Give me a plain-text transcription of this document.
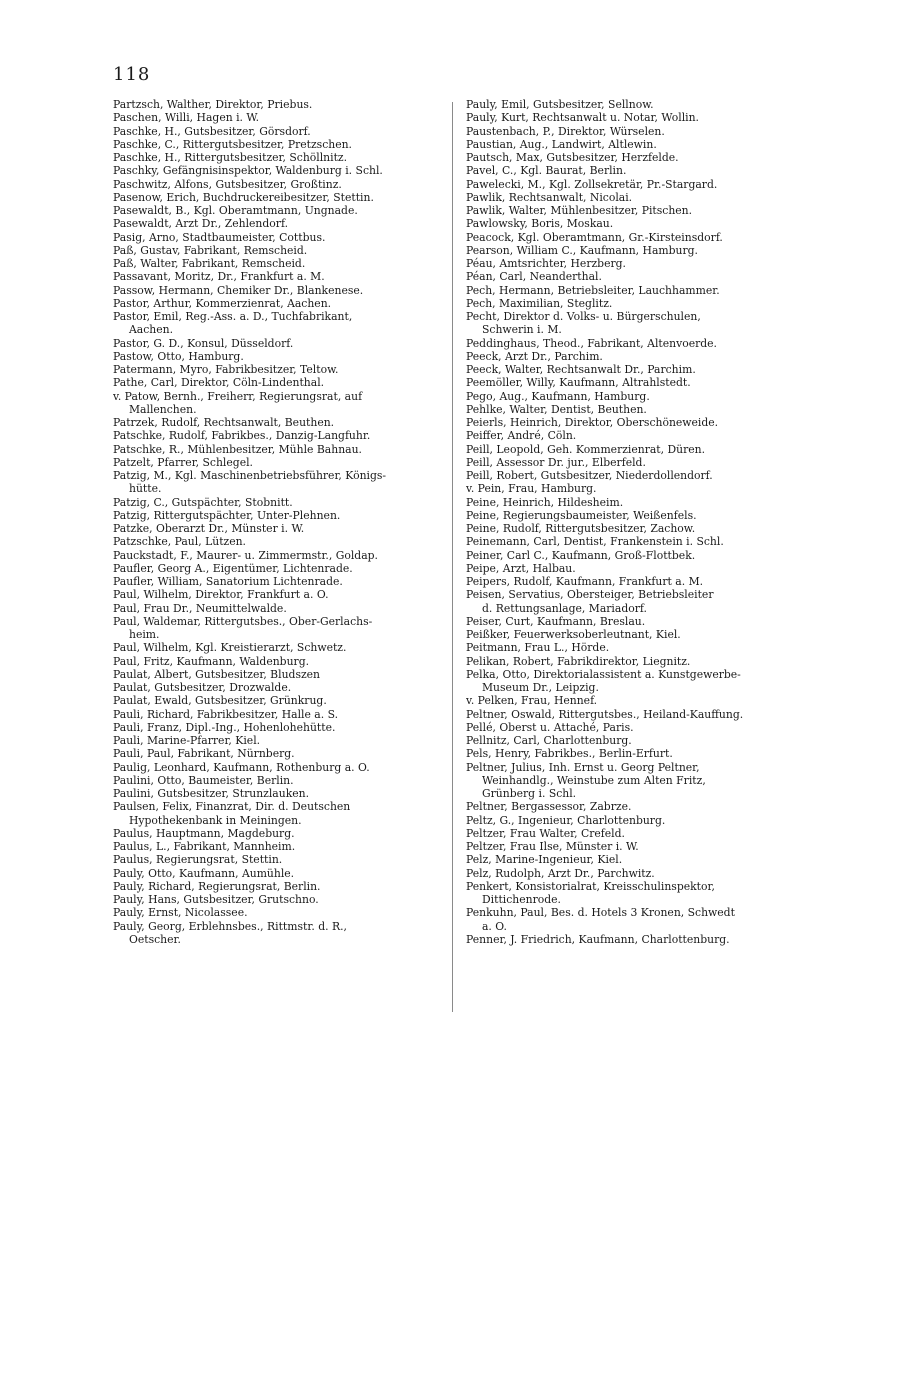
118
Partzsch, Walther, Direktor, Priebus.
Paschen, Willi, Hagen i. W.
Paschke, H., Gutsbesitzer, Görsdorf.
Paschke, C., Rittergutsbesitzer, Pretzschen.
Paschke, H., Rittergutsbesitzer, Schöllnitz.
Paschky, Gefängnisinspektor, Waldenburg i. Schl.
Paschwitz, Alfons, Gutsbesitzer, Großtinz.
Pasenow, Erich, Buchdruckereibesitzer, Stettin.
Pasewaldt, B., Kgl. Oberamtmann, Ungnade.
Pasewaldt, Arzt Dr., Zehlendorf.
Pasig, Arno, Stadtbaumeister, Cottbus.
Paß, Gustav, Fabrikant, Remscheid.
Paß, Walter, Fabrikant, Remscheid.
Passavant, Moritz, Dr., Frankfurt a. M.
Passow, Hermann, Chemiker Dr., Blankenese.
Pastor, Arthur, Kommerzienrat, Aachen.
Pastor, Emil, Reg.-Ass. a. D., Tuchfabrikant,
Aachen.
Pastor, G. D., Konsul, Düsseldorf.
Pastow, Otto, Hamburg.
Patermann, Myro, Fabrikbesitzer, Teltow.
Pathe, Carl, Direktor, Cöln-Lindenthal.
v. Patow, Bernh., Freiherr, Regierungsrat, auf
Mallenchen.
Patrzek, Rudolf, Rechtsanwalt, Beuthen.
Patschke, Rudolf, Fabrikbes., Danzig-Langfuhr.
Patschke, R., Mühlenbesitzer, Mühle Bahnau.
Patzelt, Pfarrer, Schlegel.
Patzig, M., Kgl. Maschinenbetriebsführer, Königs-
hütte.
Patzig, C., Gutspächter, Stobnitt.
Patzig, Rittergutspächter, Unter-Plehnen.
Patzke, Oberarzt Dr., Münster i. W.
Patzschke, Paul, Lützen.
Pauckstadt, F., Maurer- u. Zimmermstr., Goldap.
Paufler, Georg A., Eigentümer, Lichtenrade.
Paufler, William, Sanatorium Lichtenrade.
Paul, Wilhelm, Direktor, Frankfurt a. O.
Paul, Frau Dr., Neumittelwalde.
Paul, Waldemar, Rittergutsbes., Ober-Gerlachs-
heim.
Paul, Wilhelm, Kgl. Kreistierarzt, Schwetz.
Paul, Fritz, Kaufmann, Waldenburg.
Paulat, Albert, Gutsbesitzer, Bludszen
Paulat, Gutsbesitzer, Drozwalde.
Paulat, Ewald, Gutsbesitzer, Grünkrug.
Pauli, Richard, Fabrikbesitzer, Halle a. S.
Pauli, Franz, Dipl.-Ing., Hohenlohehütte.
Pauli, Marine-Pfarrer, Kiel.
Pauli, Paul, Fabrikant, Nürnberg.
Paulig, Leonhard, Kaufmann, Rothenburg a. O.
Paulini, Otto, Baumeister, Berlin.
Paulini, Gutsbesitzer, Strunzlauken.
Paulsen, Felix, Finanzrat, Dir. d. Deutschen
Hypothekenbank in Meiningen.
Paulus, Hauptmann, Magdeburg.
Paulus, L., Fabrikant, Mannheim.
Paulus, Regierungsrat, Stettin.
Pauly, Otto, Kaufmann, Aumühle.
Pauly, Richard, Regierungsrat, Berlin.
Pauly, Hans, Gutsbesitzer, Grutschno.
Pauly, Ernst, Nicolassee.
Pauly, Georg, Erblehnsbes., Rittmstr. d. R.,
Oetscher.
Pauly, Emil, Gutsbesitzer, Sellnow.
Pauly, Kurt, Rechtsanwalt u. Notar, Wollin.
Paustenbach, P., Direktor, Würselen.
Paustian, Aug., Landwirt, Altlewin.
Pautsch, Max, Gutsbesitzer, Herzfelde.
Pavel, C., Kgl. Baurat, Berlin.
Pawelecki, M., Kgl. Zollsekretär, Pr.-Stargard.
Pawlik, Rechtsanwalt, Nicolai.
Pawlik, Walter, Mühlenbesitzer, Pitschen.
Pawlowsky, Boris, Moskau.
Peacock, Kgl. Oberamtmann, Gr.-Kirsteinsdorf.
Pearson, William C., Kaufmann, Hamburg.
Péau, Amtsrichter, Herzberg.
Péan, Carl, Neanderthal.
Pech, Hermann, Betriebsleiter, Lauchhammer.
Pech, Maximilian, Steglitz.
Pecht, Direktor d. Volks- u. Bürgerschulen,
Schwerin i. M.
Peddinghaus, Theod., Fabrikant, Altenvoerde.
Peeck, Arzt Dr., Parchim.
Peeck, Walter, Rechtsanwalt Dr., Parchim.
Peemöller, Willy, Kaufmann, Altrahlstedt.
Pego, Aug., Kaufmann, Hamburg.
Pehlke, Walter, Dentist, Beuthen.
Peierls, Heinrich, Direktor, Oberschöneweide.
Peiffer, André, Cöln.
Peill, Leopold, Geh. Kommerzienrat, Düren.
Peill, Assessor Dr. jur., Elberfeld.
Peill, Robert, Gutsbesitzer, Niederdollendorf.
v. Pein, Frau, Hamburg.
Peine, Heinrich, Hildesheim.
Peine, Regierungsbaumeister, Weißenfels.
Peine, Rudolf, Rittergutsbesitzer, Zachow.
Peinemann, Carl, Dentist, Frankenstein i. Schl.
Peiner, Carl C., Kaufmann, Groß-Flottbek.
Peipe, Arzt, Halbau.
Peipers, Rudolf, Kaufmann, Frankfurt a. M.
Peisen, Servatius, Obersteiger, Betriebsleiter
d. Rettungsanlage, Mariadorf.
Peiser, Curt, Kaufmann, Breslau.
Peißker, Feuerwerksoberleutnant, Kiel.
Peitmann, Frau L., Hörde.
Pelikan, Robert, Fabrikdirektor, Liegnitz.
Pelka, Otto, Direktorialassistent a. Kunstgewerbe-
Museum Dr., Leipzig.
v. Pelken, Frau, Hennef.
Peltner, Oswald, Rittergutsbes., Heiland-Kauffung.
Pellé, Oberst u. Attaché, Paris.
Pellnitz, Carl, Charlottenburg.
Pels, Henry, Fabrikbes., Berlin-Erfurt.
Peltner, Julius, Inh. Ernst u. Georg Peltner,
Weinhandlg., Weinstube zum Alten Fritz,
Grünberg i. Schl.
Peltner, Bergassessor, Zabrze.
Peltz, G., Ingenieur, Charlottenburg.
Peltzer, Frau Walter, Crefeld.
Peltzer, Frau Ilse, Münster i. W.
Pelz, Marine-Ingenieur, Kiel.
Pelz, Rudolph, Arzt Dr., Parchwitz.
Penkert, Konsistorialrat, Kreisschulinspektor,
Dittichenrode.
Penkuhn, Paul, Bes. d. Hotels 3 Kronen, Schwedt
a. O.
Penner, J. Friedrich, Kaufmann, Charlottenburg.
